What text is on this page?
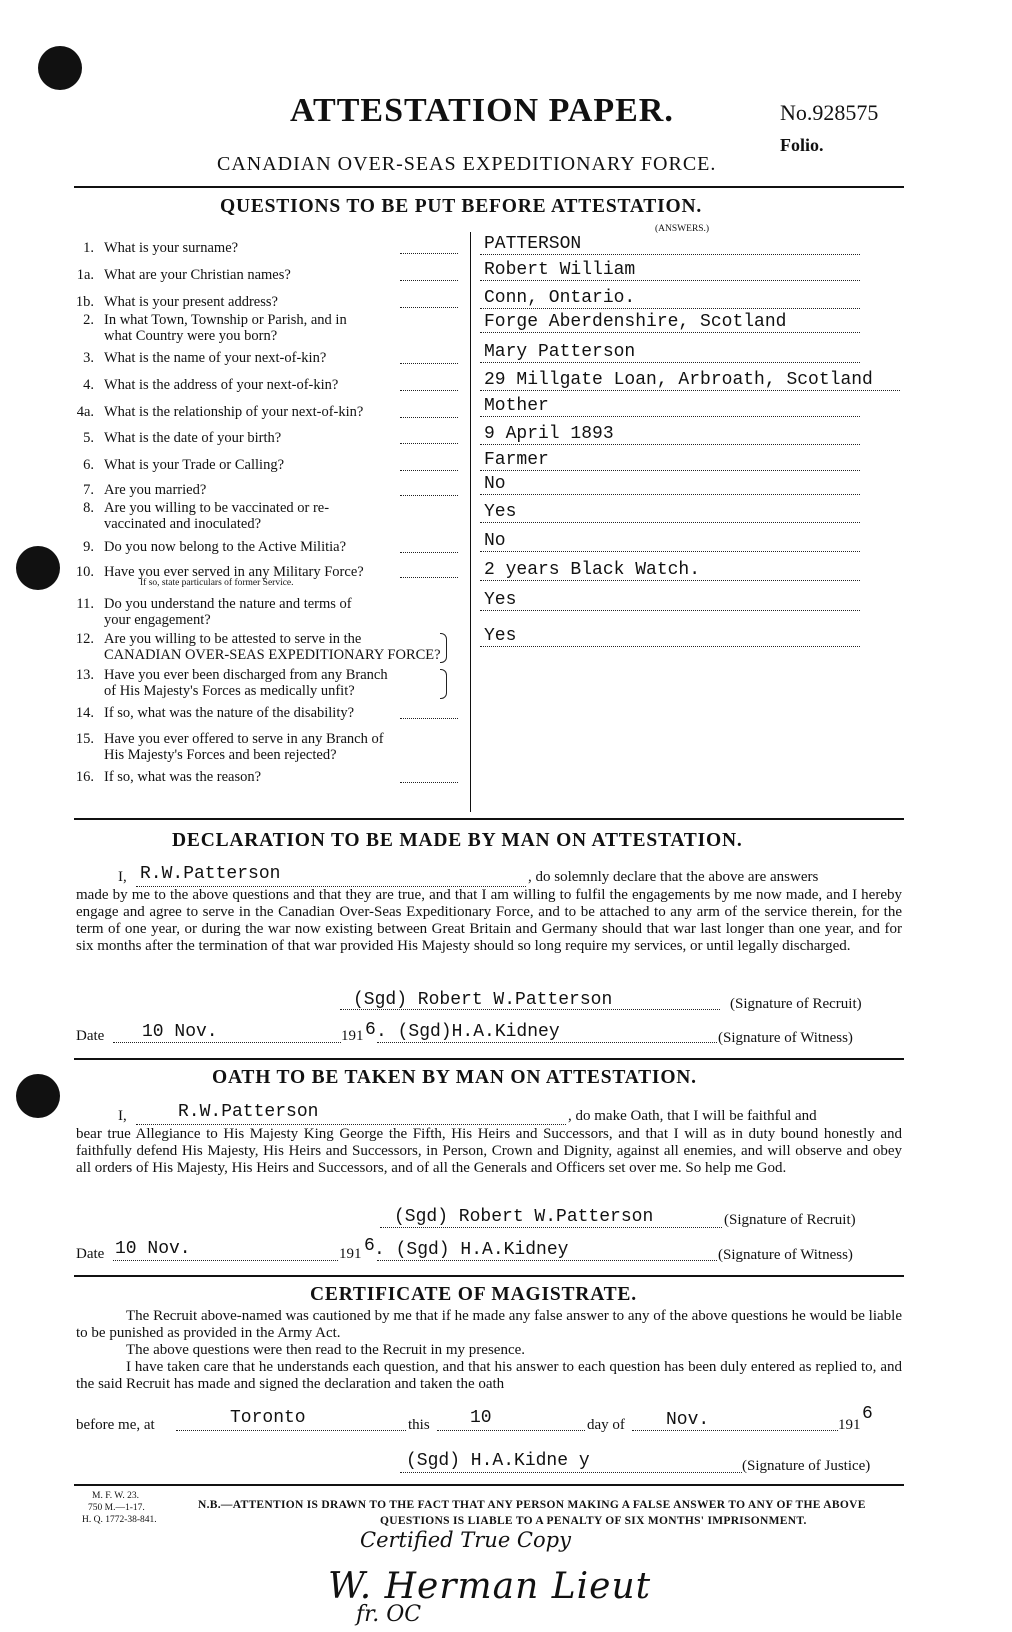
ATTESTATION PAPER.	No.928575
Folio.
CANADIAN OVER-SEAS EXPEDITIONARY FORCE.
QUESTIONS TO BE PUT BEFORE ATTESTATION.
(ANSWERS.)
1. What is your surname?	PATTERSON
1a. What are your Christian names?	Robert William
1b. What is your present address?	Conn, Ontario.
2. In what Town, Township or Parish, and in
what Country were you born?
Forge Aberdenshire, Scotland
3. What is the name of your next-of-kin?	Mary Patterson
4. What is the address of your next-of-kin?	29 Millgate Loan, Arbroath, Scotland
4a. What is the relationship of your next-of-kin?	Mother
5. What is the date of your birth?	9 April 1893
6. What is your Trade or Calling?	Farmer
7. Are you married?	No
8. Are you willing to be vaccinated or re-
vaccinated and inoculated?
Yes
9. Do you now belong to the Active Militia?	No
10. Have you ever served in any Military Force?
If so, state particulars of former Service.
2 years Black Watch.
11. Do you understand the nature and terms of
your engagement?
Yes
12. Are you willing to be attested to serve in the
CANADIAN OVER-SEAS EXPEDITIONARY FORCE?
Yes
13. Have you ever been discharged from any Branch
of His Majesty's Forces as medically unfit?
14. If so, what was the nature of the disability?
15. Have you ever offered to serve in any Branch of
His Majesty's Forces and been rejected?
16. If so, what was the reason?
DECLARATION TO BE MADE BY MAN ON ATTESTATION.
I, R.W.Patterson	, do solemnly declare that the above are answers
made by me to the above questions and that they are true, and that I am willing to fulfil the engagements by me now made, and I hereby engage and agree to serve in the Canadian Over-Seas Expeditionary Force, and to be attached to any arm of the service therein, for the term of one year, or during the war now existing between Great Britain and Germany should that war last longer than one year, and for six months after the termination of that war provided His Majesty should so long require my services, or until legally discharged.
(Sgd) Robert W.Patterson	(Signature of Recruit)
Date 10 Nov.	191 6 . (Sgd)H.A.Kidney	(Signature of Witness)
OATH TO BE TAKEN BY MAN ON ATTESTATION.
I,	R.W.Patterson	, do make Oath, that I will be faithful and
bear true Allegiance to His Majesty King George the Fifth, His Heirs and Successors, and that I will as in duty bound honestly and faithfully defend His Majesty, His Heirs and Successors, in Person, Crown and Dignity, against all enemies, and will observe and obey all orders of His Majesty, His Heirs and Successors, and of all the Generals and Officers set over me. So help me God.
(Sgd) Robert W.Patterson	(Signature of Recruit)
Date 10 Nov.	191 6 . (Sgd) H.A.Kidney	(Signature of Witness)
CERTIFICATE OF MAGISTRATE.
The Recruit above-named was cautioned by me that if he made any false answer to any of the above questions he would be liable to be punished as provided in the Army Act.
The above questions were then read to the Recruit in my presence.
I have taken care that he understands each question, and that his answer to each question has been duly entered as replied to, and the said Recruit has made and signed the declaration and taken the oath
before me, at	Toronto	this 10	day of Nov.	191
6
(Sgd) H.A.Kidne y	(Signature of Justice)
M. F. W. 23.
750 M.—1-17.
H. Q. 1772-38-841.
N.B.—ATTENTION IS DRAWN TO THE FACT THAT ANY PERSON MAKING A FALSE ANSWER TO ANY OF THE ABOVE
QUESTIONS IS LIABLE TO A PENALTY OF SIX MONTHS' IMPRISONMENT.
Certified True Copy
W. Herman Lieut
fr. OC
